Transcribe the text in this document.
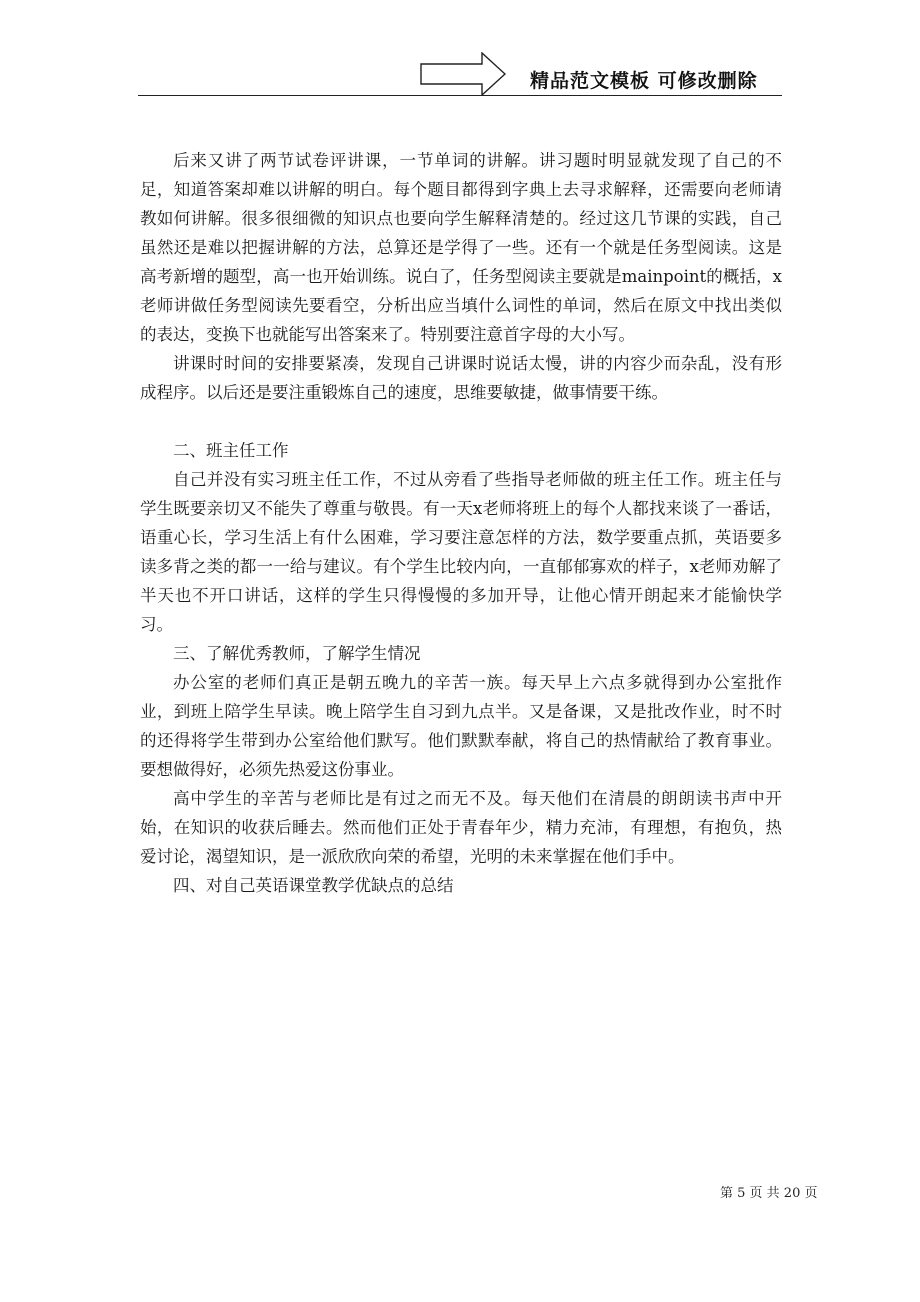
精品范文模板 可修改删除

后来又讲了两节试卷评讲课，一节单词的讲解。讲习题时明显就发现了自己的不足，知道答案却难以讲解的明白。每个题目都得到字典上去寻求解释，还需要向老师请教如何讲解。很多很细微的知识点也要向学生解释清楚的。经过这几节课的实践，自己虽然还是难以把握讲解的方法，总算还是学得了一些。还有一个就是任务型阅读。这是高考新增的题型，高一也开始训练。说白了，任务型阅读主要就是mainpoint的概括，x老师讲做任务型阅读先要看空，分析出应当填什么词性的单词，然后在原文中找出类似的表达，变换下也就能写出答案来了。特别要注意首字母的大小写。

讲课时时间的安排要紧凑，发现自己讲课时说话太慢，讲的内容少而杂乱，没有形成程序。以后还是要注重锻炼自己的速度，思维要敏捷，做事情要干练。

二、班主任工作

自己并没有实习班主任工作，不过从旁看了些指导老师做的班主任工作。班主任与学生既要亲切又不能失了尊重与敬畏。有一天x老师将班上的每个人都找来谈了一番话，语重心长，学习生活上有什么困难，学习要注意怎样的方法，数学要重点抓，英语要多读多背之类的都一一给与建议。有个学生比较内向，一直郁郁寡欢的样子，x老师劝解了半天也不开口讲话，这样的学生只得慢慢的多加开导，让他心情开朗起来才能愉快学习。

三、了解优秀教师，了解学生情况

办公室的老师们真正是朝五晚九的辛苦一族。每天早上六点多就得到办公室批作业，到班上陪学生早读。晚上陪学生自习到九点半。又是备课，又是批改作业，时不时的还得将学生带到办公室给他们默写。他们默默奉献，将自己的热情献给了教育事业。要想做得好，必须先热爱这份事业。

高中学生的辛苦与老师比是有过之而无不及。每天他们在清晨的朗朗读书声中开始，在知识的收获后睡去。然而他们正处于青春年少，精力充沛，有理想，有抱负，热爱讨论，渴望知识，是一派欣欣向荣的希望，光明的未来掌握在他们手中。

四、对自己英语课堂教学优缺点的总结

第 5 页 共 20 页
